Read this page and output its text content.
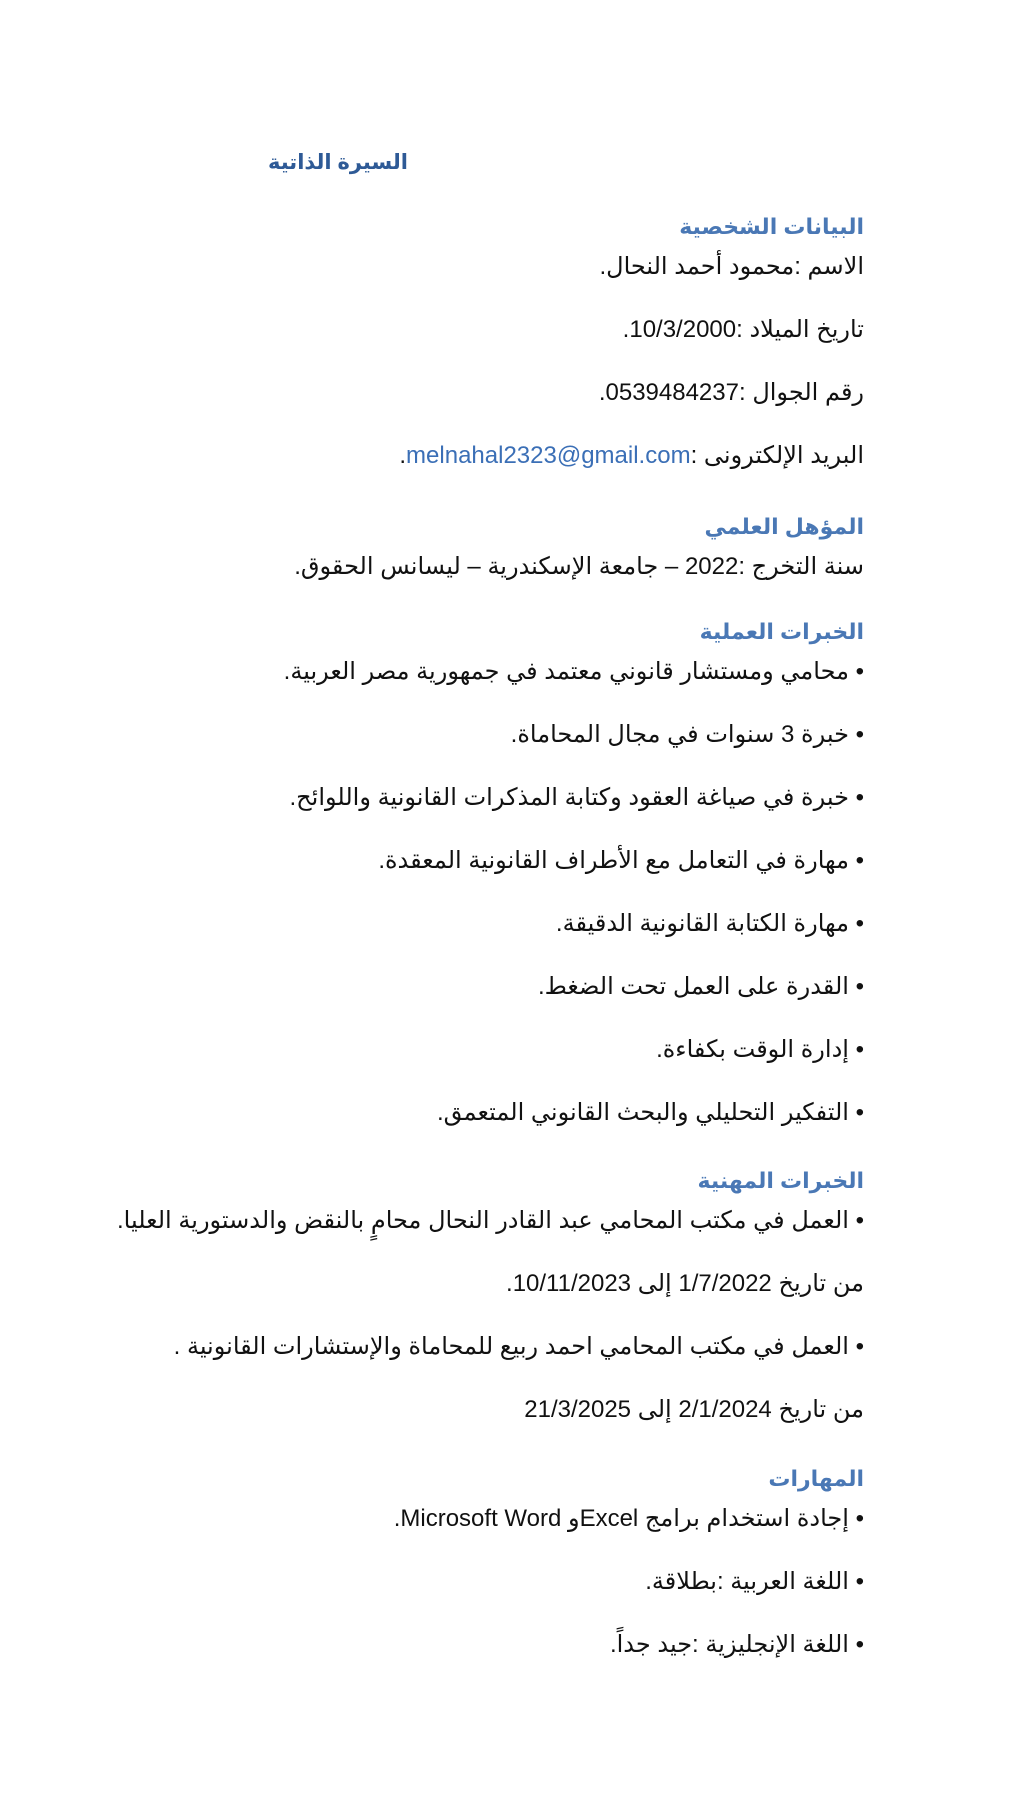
السيرة الذاتية
البيانات الشخصية
الاسم :محمود أحمد النحال.
تاريخ الميلاد :10/3/2000.
رقم الجوال :0539484237.
البريد الإلكترونى :melnahal2323@gmail.com.
المؤهل العلمي
سنة التخرج :2022 – جامعة الإسكندرية – ليسانس الحقوق.
الخبرات العملية
• محامي ومستشار قانوني معتمد في جمهورية مصر العربية.
• خبرة 3 سنوات في مجال المحاماة.
• خبرة في صياغة العقود وكتابة المذكرات القانونية واللوائح.
• مهارة في التعامل مع الأطراف القانونية المعقدة.
• مهارة الكتابة القانونية الدقيقة.
• القدرة على العمل تحت الضغط.
• إدارة الوقت بكفاءة.
• التفكير التحليلي والبحث القانوني المتعمق.
الخبرات المهنية
• العمل في مكتب المحامي عبد القادر النحال محامٍ بالنقض والدستورية العليا.
من تاريخ 1/7/2022 إلى 10/11/2023.
• العمل في مكتب المحامي احمد ربيع للمحاماة والإستشارات القانونية .
من تاريخ 2/1/2024 إلى 21/3/2025
المهارات
• إجادة استخدام برامج Excelو Microsoft Word.
• اللغة العربية :بطلاقة.
• اللغة الإنجليزية :جيد جداً.
